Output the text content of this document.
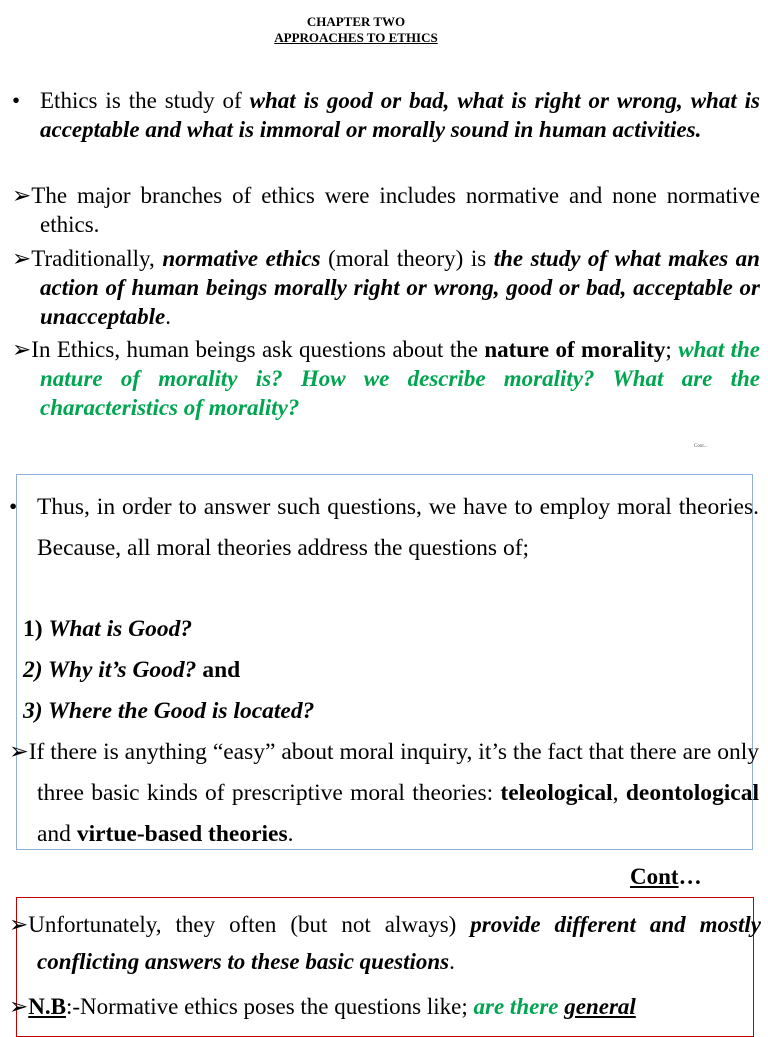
CHAPTER TWO
APPROACHES TO ETHICS
• Ethics is the study of what is good or bad, what is right or wrong, what is acceptable and what is immoral or morally sound in human activities.
➢The major branches of ethics were includes normative and none normative ethics.
➢Traditionally, normative ethics (moral theory) is the study of what makes an action of human beings morally right or wrong, good or bad, acceptable or unacceptable.
➢In Ethics, human beings ask questions about the nature of morality; what the nature of morality is? How we describe morality? What are the characteristics of morality?
Cont...
• Thus, in order to answer such questions, we have to employ moral theories. Because, all moral theories address the questions of;
1) What is Good?
2) Why it’s Good? and
3) Where the Good is located?
➢If there is anything “easy” about moral inquiry, it’s the fact that there are only three basic kinds of prescriptive moral theories: teleological, deontological and virtue-based theories.
Cont…
➢Unfortunately, they often (but not always) provide different and mostly conflicting answers to these basic questions.
➢N.B:-Normative ethics poses the questions like; are there general
